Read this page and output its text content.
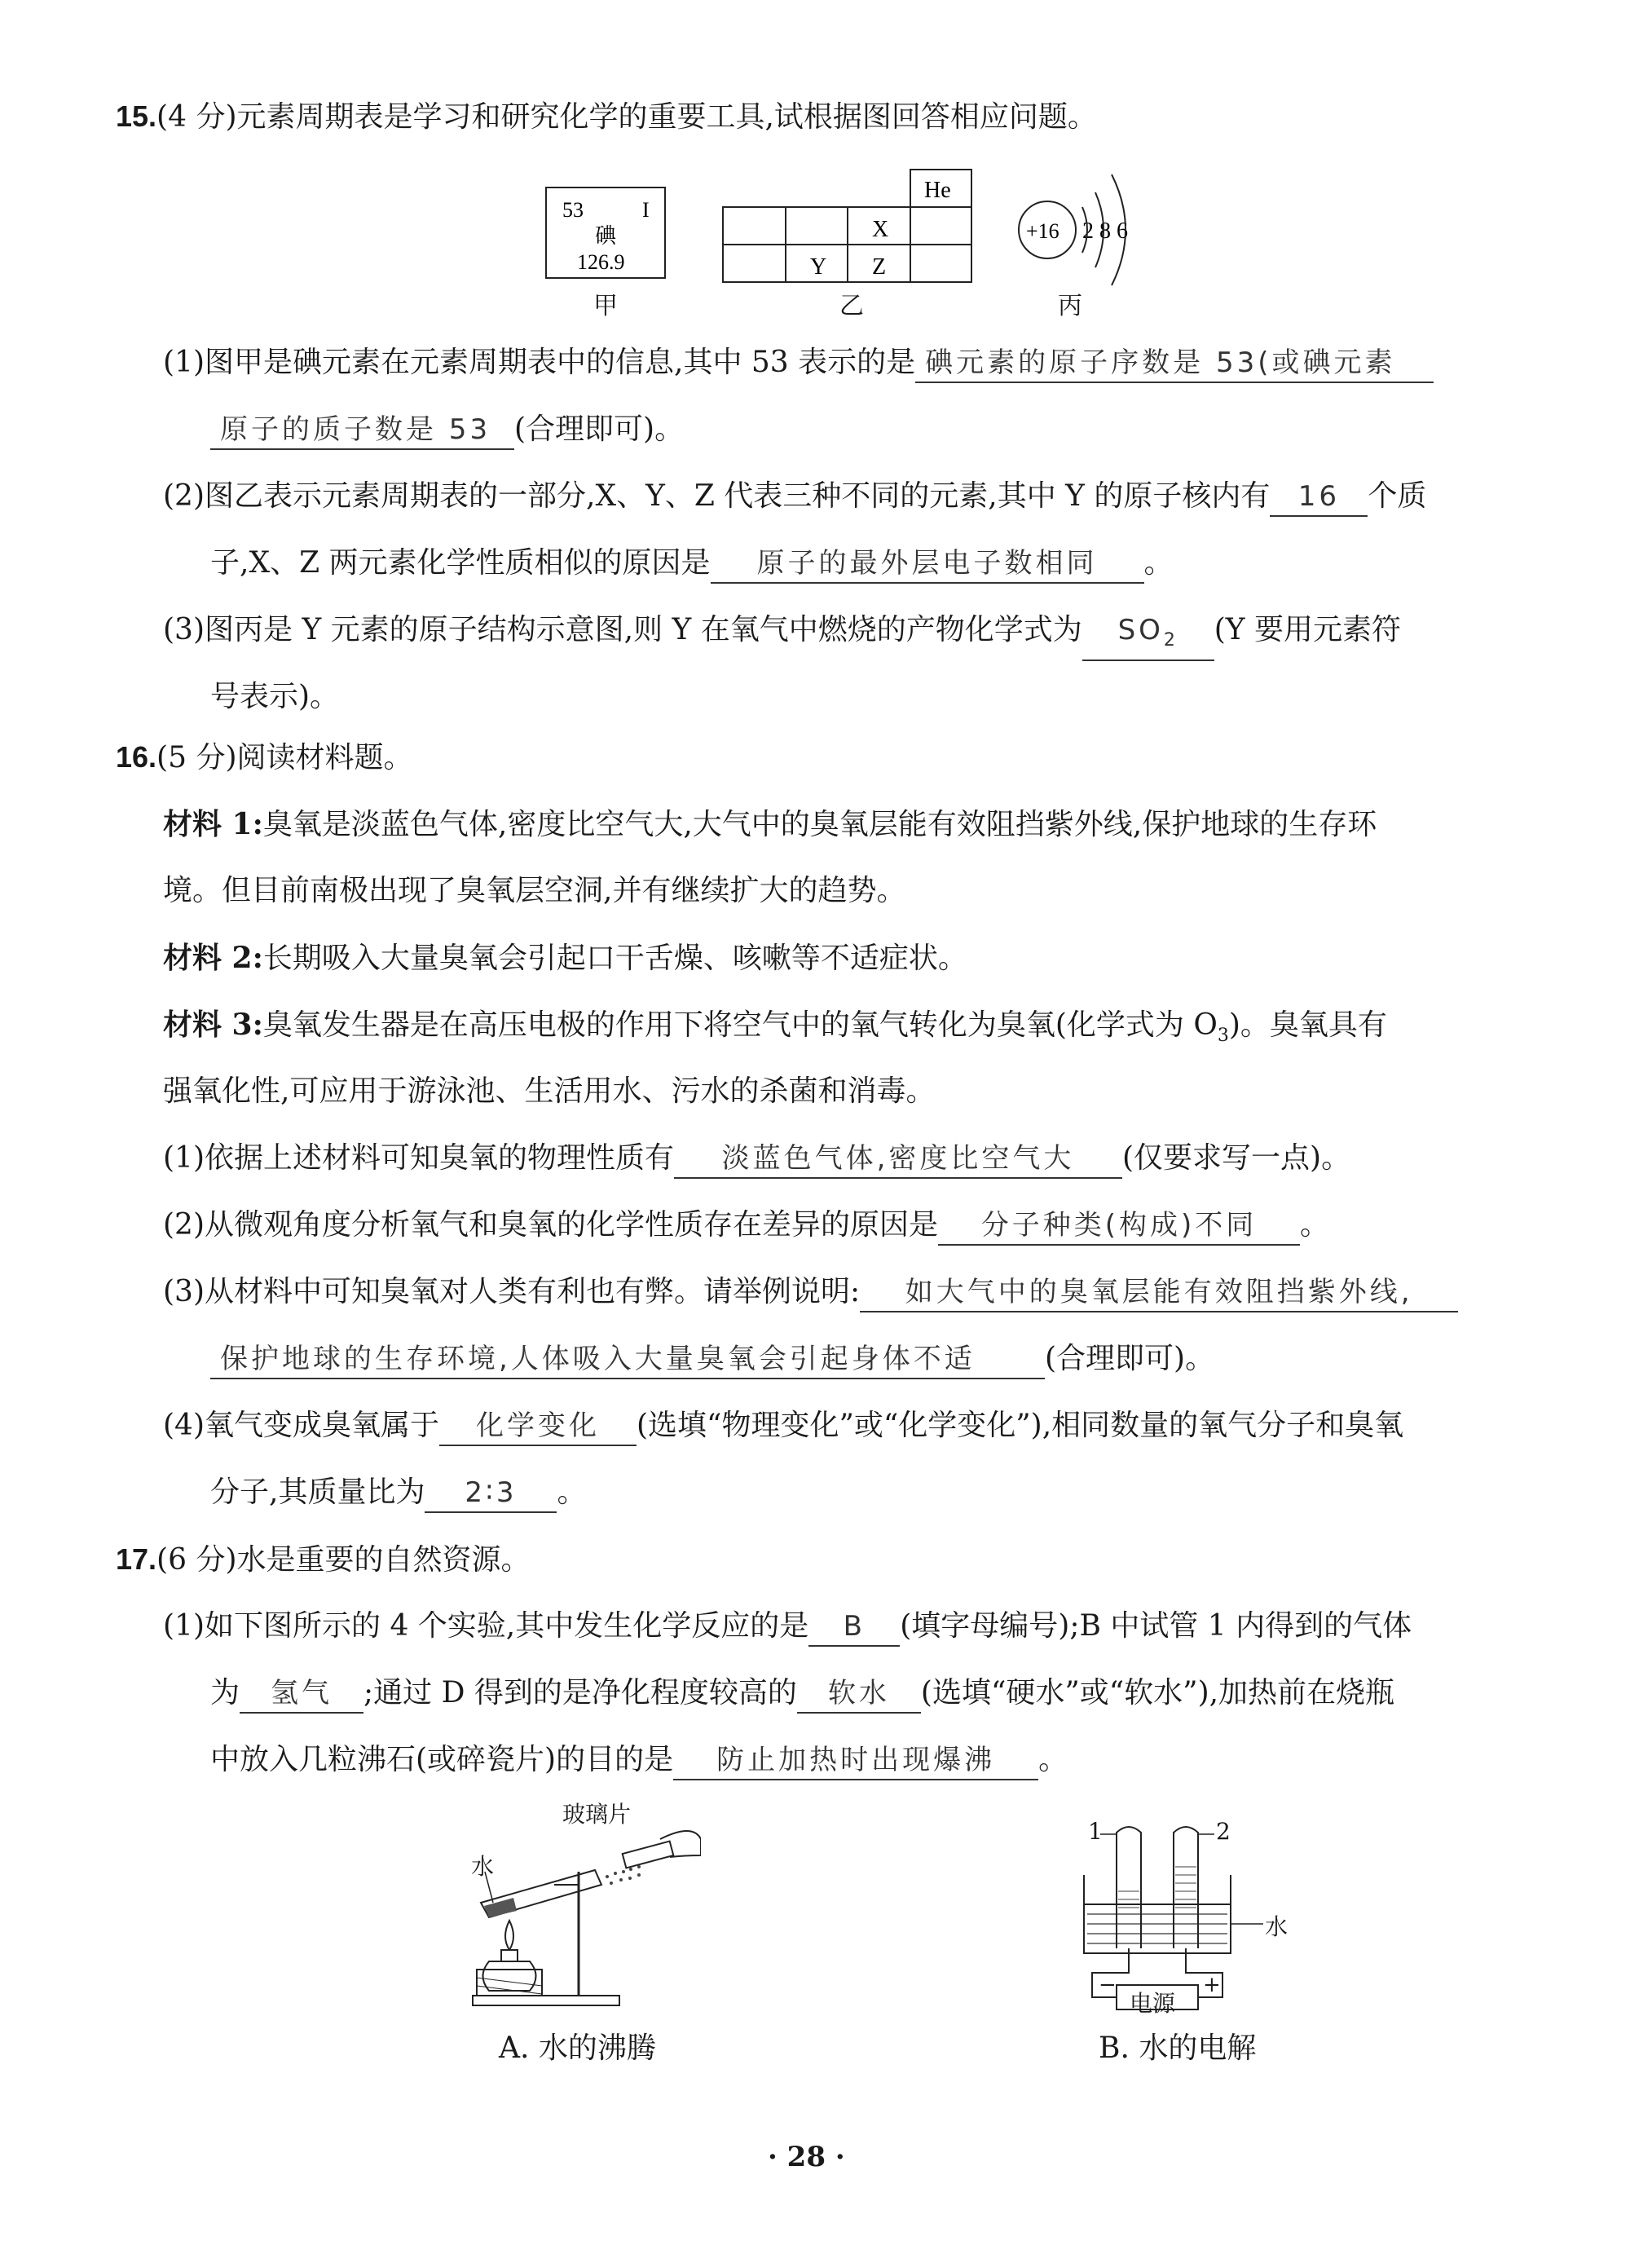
15.(4 分)元素周期表是学习和研究化学的重要工具,试根据图回答相应问题。
53	I
碘
126.9
甲
He
X
Y Z
乙
+16 2 8 6
丙
(1)图甲是碘元素在元素周期表中的信息,其中 53 表示的是 碘元素的原子序数是 53(或碘元素
原子的质子数是 53 (合理即可)。
(2)图乙表示元素周期表的一部分,X、Y、Z 代表三种不同的元素,其中 Y 的原子核内有 16 个质
子,X、Z 两元素化学性质相似的原因是 原子的最外层电子数相同 。
(3)图丙是 Y 元素的原子结构示意图,则 Y 在氧气中燃烧的产物化学式为 $SO_2$ (Y 要用元素符
号表示)。
16.(5 分)阅读材料题。
材料 1:臭氧是淡蓝色气体,密度比空气大,大气中的臭氧层能有效阻挡紫外线,保护地球的生存环
境。但目前南极出现了臭氧层空洞,并有继续扩大的趋势。
材料 2:长期吸入大量臭氧会引起口干舌燥、咳嗽等不适症状。
材料 3:臭氧发生器是在高压电极的作用下将空气中的氧气转化为臭氧(化学式为 $O_3$)。臭氧具有
强氧化性,可应用于游泳池、生活用水、污水的杀菌和消毒。
(1)依据上述材料可知臭氧的物理性质有 淡蓝色气体,密度比空气大 (仅要求写一点)。
(2)从微观角度分析氧气和臭氧的化学性质存在差异的原因是 分子种类(构成)不同 。
(3)从材料中可知臭氧对人类有利也有弊。请举例说明: 如大气中的臭氧层能有效阻挡紫外线,
保护地球的生存环境,人体吸入大量臭氧会引起身体不适 (合理即可)。
(4)氧气变成臭氧属于 化学变化 (选填“物理变化”或“化学变化”),相同数量的氧气分子和臭氧
分子,其质量比为 2∶3 。
17.(6 分)水是重要的自然资源。
(1)如下图所示的 4 个实验,其中发生化学反应的是 B (填字母编号);B 中试管 1 内得到的气体
为 氢气 ;通过 D 得到的是净化程度较高的 软水 (选填“硬水”或“软水”),加热前在烧瓶
中放入几粒沸石(或碎瓷片)的目的是 防止加热时出现爆沸 。
玻璃片
水
A. 水的沸腾
1	2
水
−
电源
+
B. 水的电解
· 28 ·
